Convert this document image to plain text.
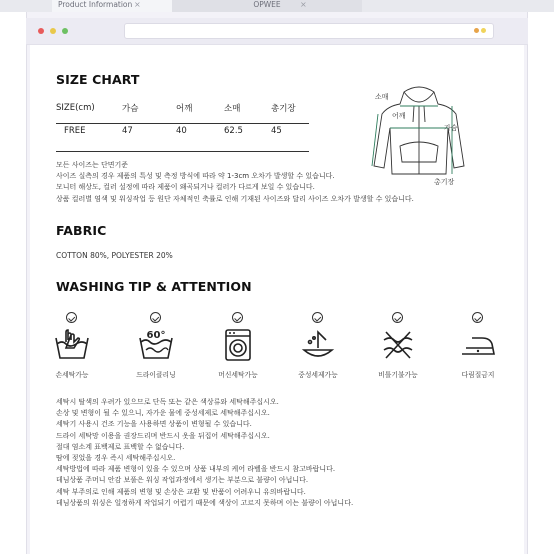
Product Information ×	OPWEE ×
SIZE CHART
SIZE(cm)	가슴	어깨	소매	총기장
FREE	47	40	62.5	45
소매
어깨
가슴
총기장
모든 사이즈는 단면기준
사이즈 실측의 경우 제품의 특성 및 측정 방식에 따라 약 1-3cm 오차가 발생할 수 있습니다.
모니터 해상도, 컬러 설정에 따라 제품이 왜곡되거나 컬러가 다르게 보일 수 있습니다.
상품 컬러별 염색 및 워싱작업 등 원단 자체적인 축률로 인해 기재된 사이즈와 달리 사이즈 오차가 발생할 수 있습니다.
FABRIC
COTTON 80%, POLYESTER 20%
WASHING TIP & ATTENTION
손세탁가능
60°
드라이클리닝	머신세탁가능	중성세제가능	비틀기불가능	다림질금지
세탁시 탈색의 우려가 있으므로 단독 또는 같은 색상류와 세탁해주십시오.
손상 및 변형이 될 수 있으니, 자가운 물에 중성세제로 세탁해주십시오.
세탁기 사용시 건조 기능을 사용하면 상품이 변형될 수 있습니다.
드라이 세탁망 이용을 권장드리며 반드시 옷을 뒤집어 세탁해주십시오.
절대 염소계 표백제로 표백할 수 없습니다.
땀에 젖었을 경우 즉시 세탁해주십시오.
세탁방법에 따라 제품 변형이 있을 수 있으며 상품 내부의 케어 라벨을 반드시 참고바랍니다.
데님상품 주머니 안감 보풀은 워싱 작업과정에서 생기는 부분으로 불량이 아닙니다.
세탁 부주의로 인해 제품의 변형 및 손상은 교환 및 반품이 어려우니 유의바랍니다.
데님상품의 워싱은 일정하게 작업되기 어렵기 때문에 색상이 고르지 못하며 이는 불량이 아닙니다.
